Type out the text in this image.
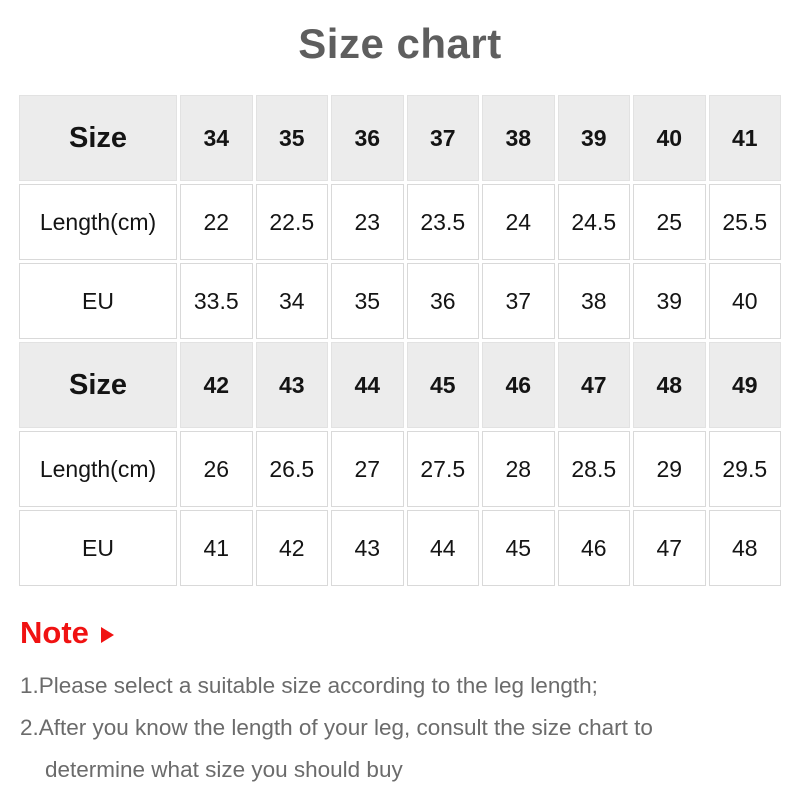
Size chart
Size	34	35	36	37	38	39	40	41
Length(cm)	22	22.5	23	23.5	24	24.5	25	25.5
EU	33.5	34	35	36	37	38	39	40
Size	42	43	44	45	46	47	48	49
Length(cm)	26	26.5	27	27.5	28	28.5	29	29.5
EU	41	42	43	44	45	46	47	48
Note
1.Please select a suitable size according to the leg length;
2.After you know the length of your leg, consult the size chart to
determine what size you should buy
